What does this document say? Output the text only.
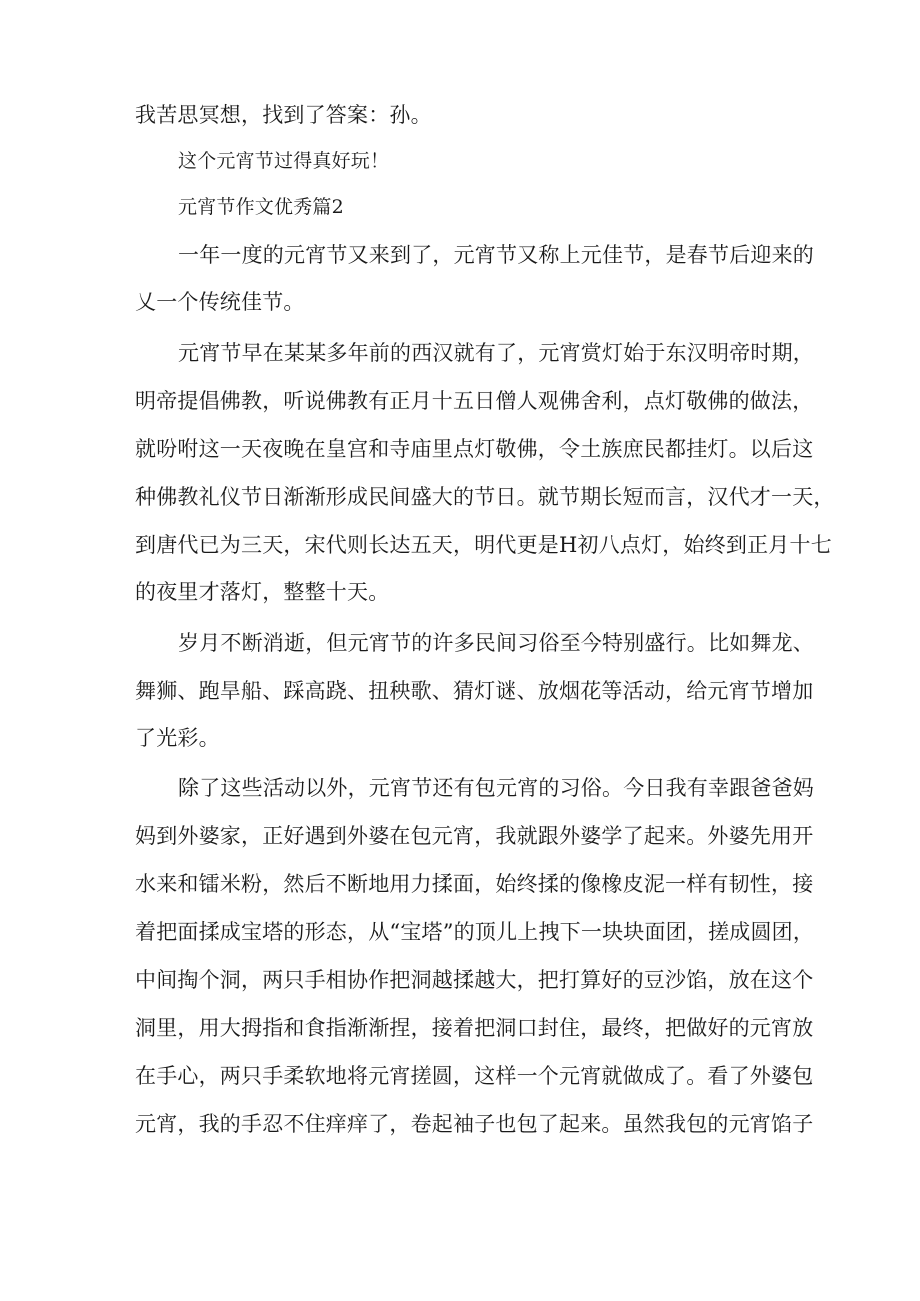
我苦思冥想，找到了答案：孙。
这个元宵节过得真好玩！
元宵节作文优秀篇2
一年一度的元宵节又来到了，元宵节又称上元佳节，是春节后迎来的
乂一个传统佳节。
元宵节早在某某多年前的西汉就有了，元宵赏灯始于东汉明帝时期，
明帝提倡佛教，听说佛教有正月十五日僧人观佛舍利，点灯敬佛的做法，
就吩咐这一天夜晚在皇宫和寺庙里点灯敬佛，令土族庶民都挂灯。以后这
种佛教礼仪节日渐渐形成民间盛大的节日。就节期长短而言，汉代才一天，
到唐代已为三天，宋代则长达五天，明代更是H初八点灯，始终到正月十七
的夜里才落灯，整整十天。
岁月不断消逝，但元宵节的许多民间习俗至今特别盛行。比如舞龙、
舞狮、跑旱船、踩高跷、扭秧歌、猜灯谜、放烟花等活动，给元宵节增加
了光彩。
除了这些活动以外，元宵节还有包元宵的习俗。今日我有幸跟爸爸妈
妈到外婆家，正好遇到外婆在包元宵，我就跟外婆学了起来。外婆先用开
水来和镭米粉，然后不断地用力揉面，始终揉的像橡皮泥一样有韧性，接
着把面揉成宝塔的形态，从“宝塔”的顶儿上拽下一块块面团，搓成圆团，
中间掏个洞，两只手相协作把洞越揉越大，把打算好的豆沙馅，放在这个
洞里，用大拇指和食指渐渐捏，接着把洞口封住，最终，把做好的元宵放
在手心，两只手柔软地将元宵搓圆，这样一个元宵就做成了。看了外婆包
元宵，我的手忍不住痒痒了，卷起袖子也包了起来。虽然我包的元宵馅子
